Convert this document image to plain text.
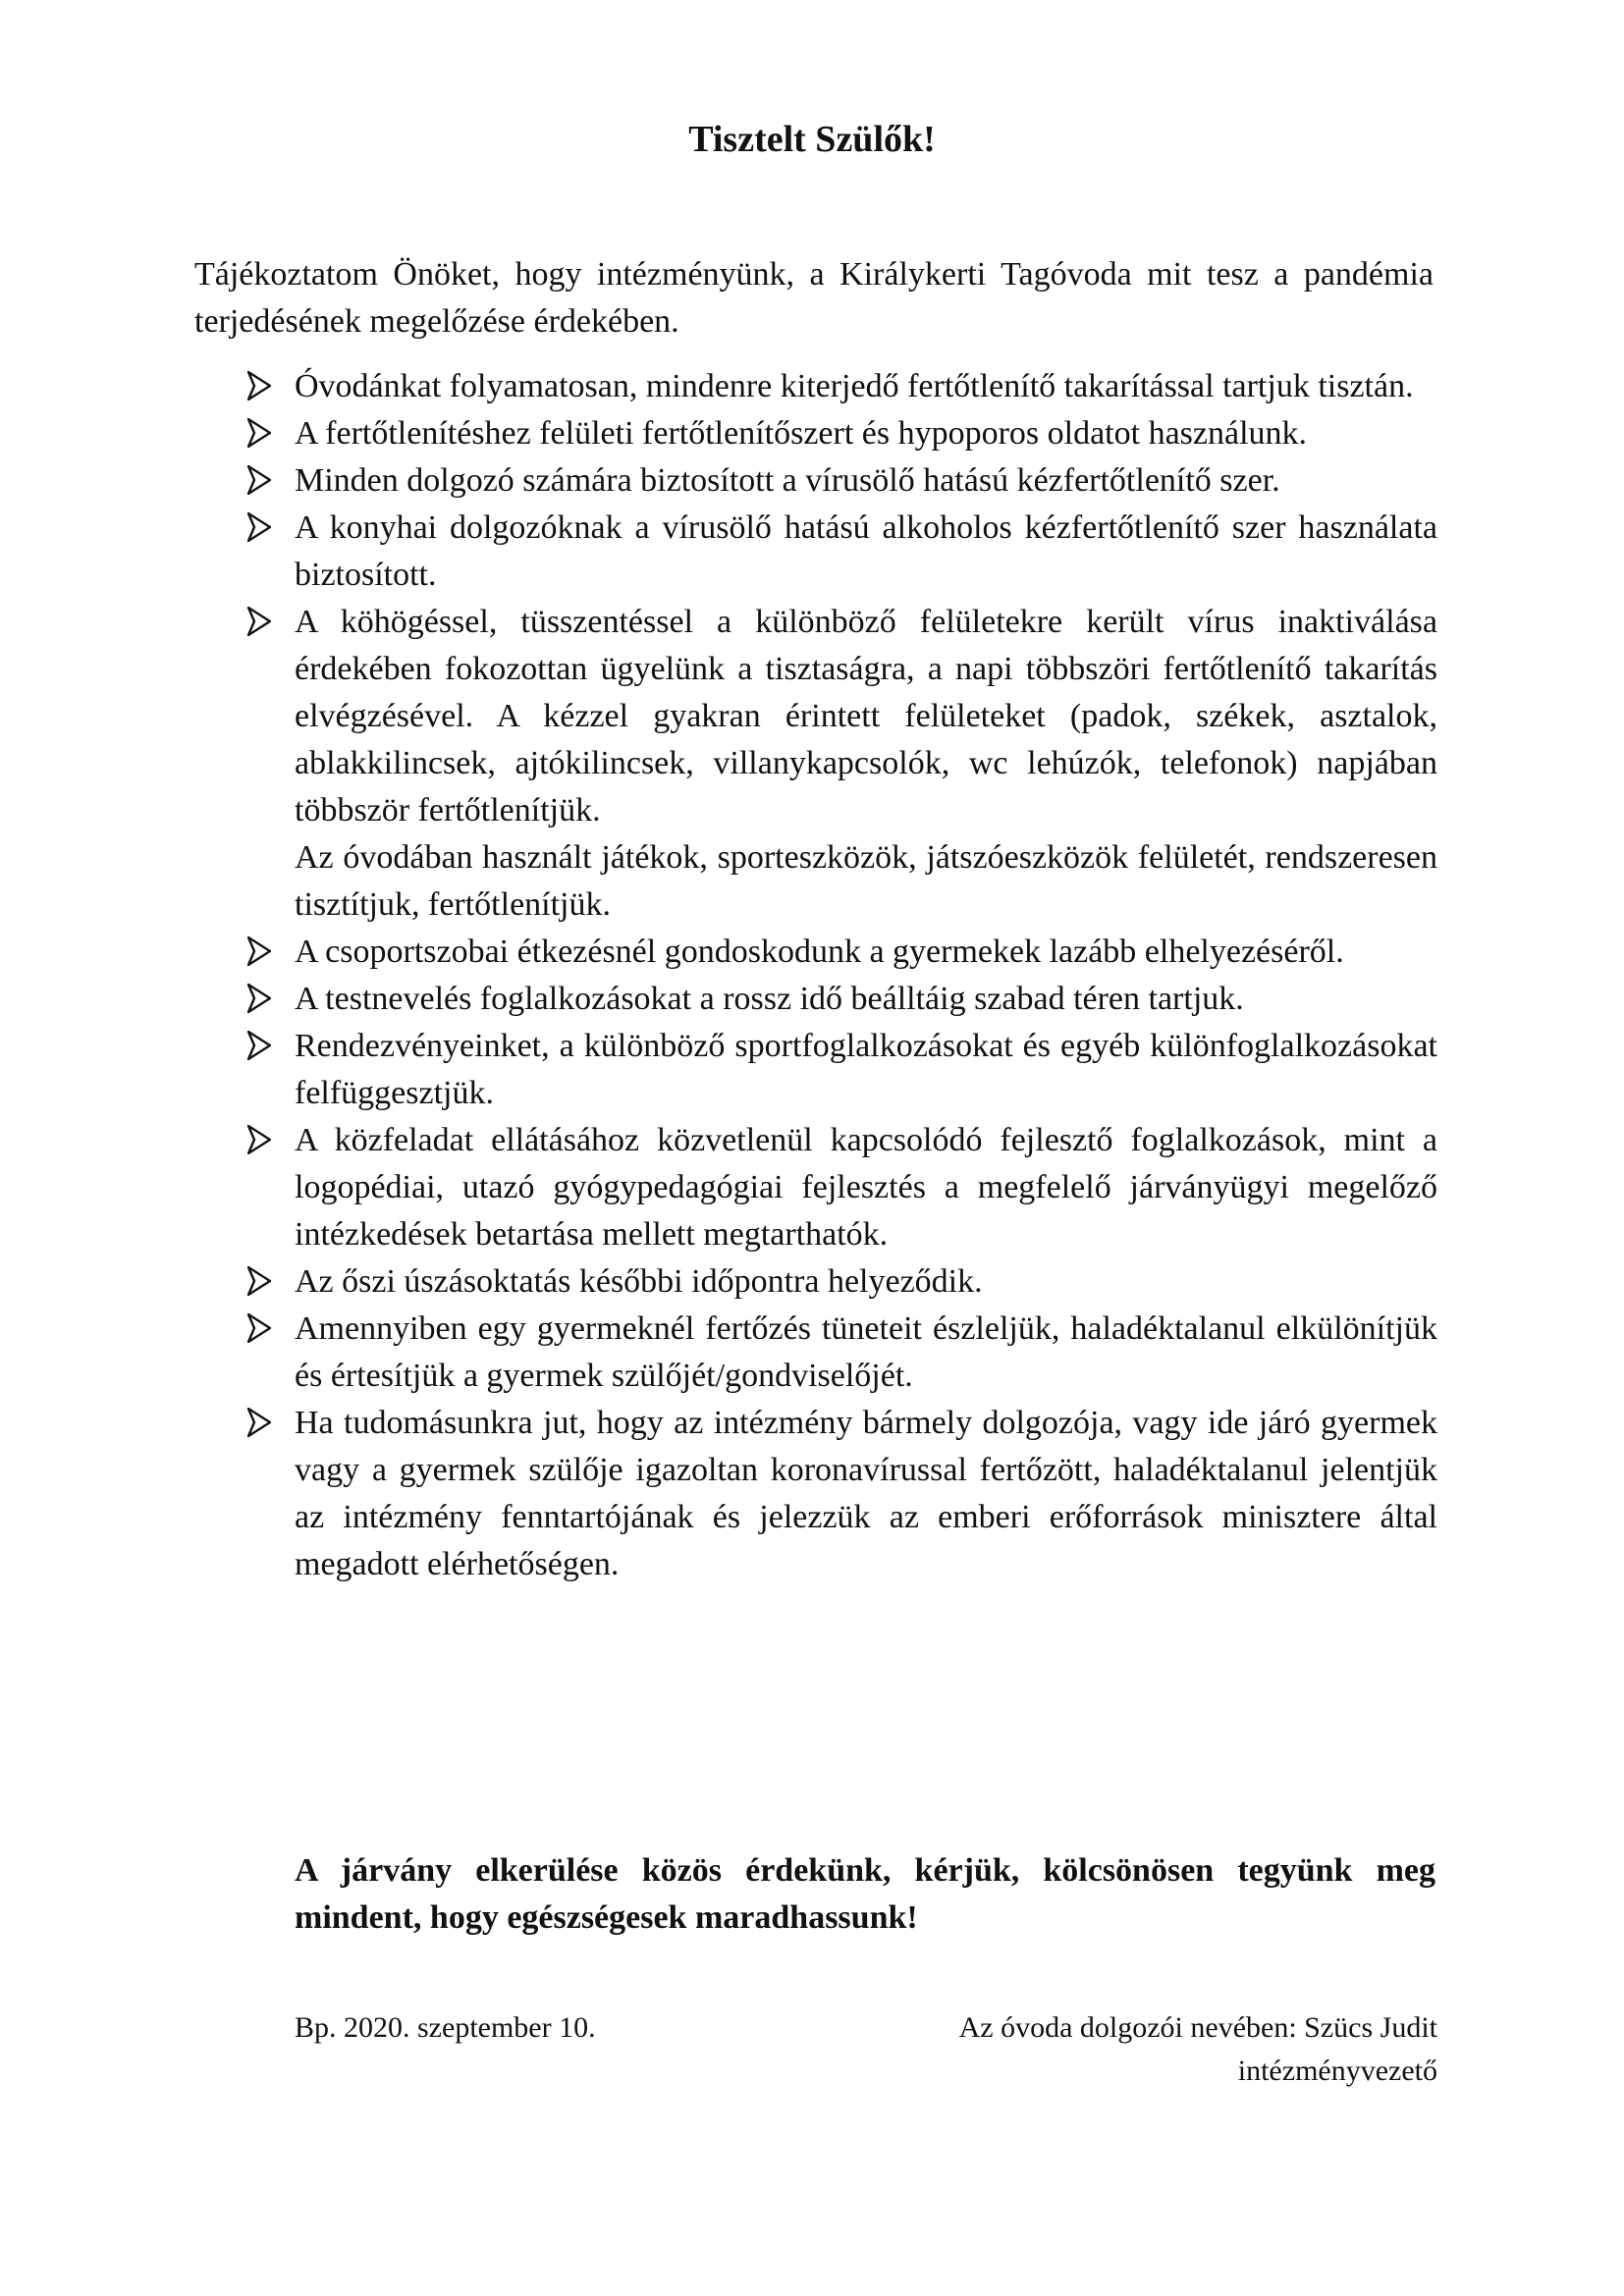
Tisztelt Szülők!

Tájékoztatom Önöket, hogy intézményünk, a Királykerti Tagóvoda mit tesz a pandémia terjedésének megelőzése érdekében.

Óvodánkat folyamatosan, mindenre kiterjedő fertőtlenítő takarítással tartjuk tisztán.
A fertőtlenítéshez felületi fertőtlenítőszert és hypoporos oldatot használunk.
Minden dolgozó számára biztosított a vírusölő hatású kézfertőtlenítő szer.
A konyhai dolgozóknak a vírusölő hatású alkoholos kézfertőtlenítő szer használata biztosított.
A köhögéssel, tüsszentéssel a különböző felületekre került vírus inaktiválása érdekében fokozottan ügyelünk a tisztaságra, a napi többszöri fertőtlenítő takarítás elvégzésével. A kézzel gyakran érintett felületeket (padok, székek, asztalok, ablakkilincsek, ajtókilincsek, villanykapcsolók, wc lehúzók, telefonok) napjában többször fertőtlenítjük.
Az óvodában használt játékok, sporteszközök, játszóeszközök felületét, rendszeresen tisztítjuk, fertőtlenítjük.
A csoportszobai étkezésnél gondoskodunk a gyermekek lazább elhelyezéséről.
A testnevelés foglalkozásokat a rossz idő beálltáig szabad téren tartjuk.
Rendezvényeinket, a különböző sportfoglalkozásokat és egyéb különfoglalkozásokat felfüggesztjük.
A közfeladat ellátásához közvetlenül kapcsolódó fejlesztő foglalkozások, mint a logopédiai, utazó gyógypedagógiai fejlesztés a megfelelő járványügyi megelőző intézkedések betartása mellett megtarthatók.
Az őszi úszásoktatás későbbi időpontra helyeződik.
Amennyiben egy gyermeknél fertőzés tüneteit észleljük, haladéktalanul elkülönítjük és értesítjük a gyermek szülőjét/gondviselőjét.
Ha tudomásunkra jut, hogy az intézmény bármely dolgozója, vagy ide járó gyermek vagy a gyermek szülője igazoltan koronavírussal fertőzött, haladéktalanul jelentjük az intézmény fenntartójának és jelezzük az emberi erőforrások minisztere által megadott elérhetőségen.

A járvány elkerülése közös érdekünk, kérjük, kölcsönösen tegyünk meg mindent, hogy egészségesek maradhassunk!

Bp. 2020. szeptember 10.	Az óvoda dolgozói nevében: Szücs Judit
intézményvezető
